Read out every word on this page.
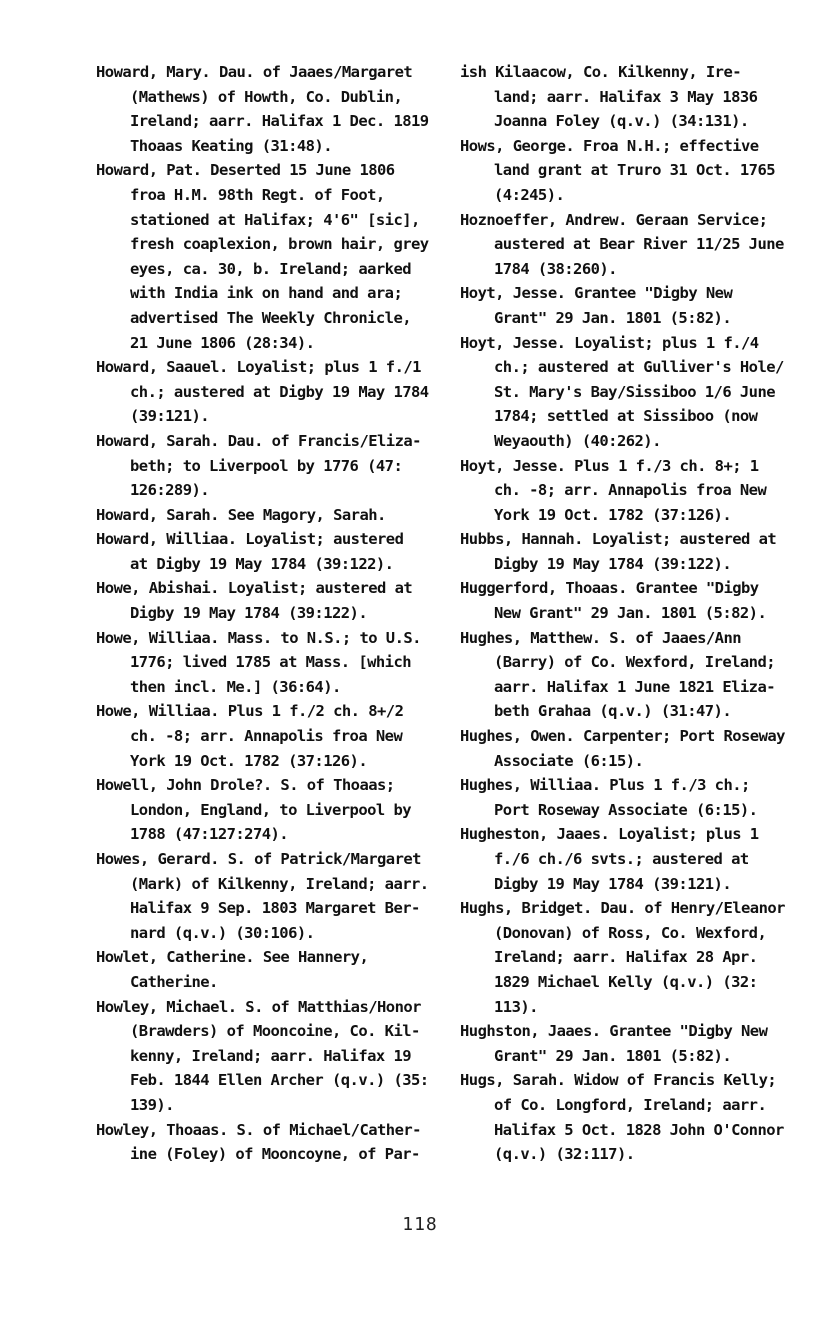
Howard, Mary. Dau. of Jaaes/Margaret
(Mathews) of Howth, Co. Dublin,
Ireland; aarr. Halifax 1 Dec. 1819
Thoaas Keating (31:48).

Howard, Pat. Deserted 15 June 1806
froa H.M. 98th Regt. of Foot,
stationed at Halifax; 4'6" [sic],
fresh coaplexion, brown hair, grey
eyes, ca. 30, b. Ireland; aarked
with India ink on hand and ara;
advertised The Weekly Chronicle,
21 June 1806 (28:34).

Howard, Saauel. Loyalist; plus 1 f./1
ch.; austered at Digby 19 May 1784
(39:121).

Howard, Sarah. Dau. of Francis/Eliza-
beth; to Liverpool by 1776 (47:
126:289).

Howard, Sarah. See Magory, Sarah.

Howard, Williaa. Loyalist; austered
at Digby 19 May 1784 (39:122).

Howe, Abishai. Loyalist; austered at
Digby 19 May 1784 (39:122).

Howe, Williaa. Mass. to N.S.; to U.S.
1776; lived 1785 at Mass. [which
then incl. Me.] (36:64).

Howe, Williaa. Plus 1 f./2 ch. 8+/2
ch. -8; arr. Annapolis froa New
York 19 Oct. 1782 (37:126).

Howell, John Drole?. S. of Thoaas;
London, England, to Liverpool by
1788 (47:127:274).

Howes, Gerard. S. of Patrick/Margaret
(Mark) of Kilkenny, Ireland; aarr.
Halifax 9 Sep. 1803 Margaret Ber-
nard (q.v.) (30:106).

Howlet, Catherine. See Hannery,
Catherine.

Howley, Michael. S. of Matthias/Honor
(Brawders) of Mooncoine, Co. Kil-
kenny, Ireland; aarr. Halifax 19
Feb. 1844 Ellen Archer (q.v.) (35:
139).

Howley, Thoaas. S. of Michael/Cather-
ine (Foley) of Mooncoyne, of Par-

ish Kilaacow, Co. Kilkenny, Ire-
land; aarr. Halifax 3 May 1836
Joanna Foley (q.v.) (34:131).

Hows, George. Froa N.H.; effective
land grant at Truro 31 Oct. 1765
(4:245).

Hoznoeffer, Andrew. Geraan Service;
austered at Bear River 11/25 June
1784 (38:260).

Hoyt, Jesse. Grantee "Digby New
Grant" 29 Jan. 1801 (5:82).

Hoyt, Jesse. Loyalist; plus 1 f./4
ch.; austered at Gulliver's Hole/
St. Mary's Bay/Sissiboo 1/6 June
1784; settled at Sissiboo (now
Weyaouth) (40:262).

Hoyt, Jesse. Plus 1 f./3 ch. 8+; 1
ch. -8; arr. Annapolis froa New
York 19 Oct. 1782 (37:126).

Hubbs, Hannah. Loyalist; austered at
Digby 19 May 1784 (39:122).

Huggerford, Thoaas. Grantee "Digby
New Grant" 29 Jan. 1801 (5:82).

Hughes, Matthew. S. of Jaaes/Ann
(Barry) of Co. Wexford, Ireland;
aarr. Halifax 1 June 1821 Eliza-
beth Grahaa (q.v.) (31:47).

Hughes, Owen. Carpenter; Port Roseway
Associate (6:15).

Hughes, Williaa. Plus 1 f./3 ch.;
Port Roseway Associate (6:15).

Hugheston, Jaaes. Loyalist; plus 1
f./6 ch./6 svts.; austered at
Digby 19 May 1784 (39:121).

Hughs, Bridget. Dau. of Henry/Eleanor
(Donovan) of Ross, Co. Wexford,
Ireland; aarr. Halifax 28 Apr.
1829 Michael Kelly (q.v.) (32:
113).

Hughston, Jaaes. Grantee "Digby New
Grant" 29 Jan. 1801 (5:82).

Hugs, Sarah. Widow of Francis Kelly;
of Co. Longford, Ireland; aarr.
Halifax 5 Oct. 1828 John O'Connor
(q.v.) (32:117).

118
